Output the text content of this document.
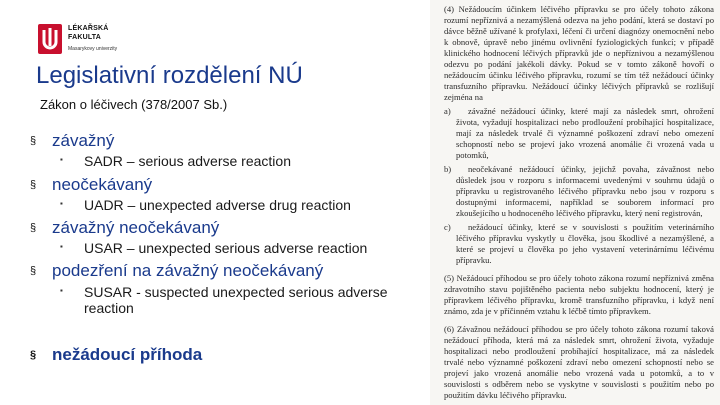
LÉKAŘSKÁ
FAKULTA
Masarykovy univerzity
Legislativní rozdělení NÚ
Zákon o léčivech (378/2007 Sb.)
§ závažný
▪ SADR – serious adverse reaction
§ neočekávaný
▪ UADR – unexpected adverse drug reaction
§ závažný neočekávaný
▪ USAR – unexpected serious adverse reaction
§ podezření na závažný neočekávaný
▪ SUSAR - suspected unexpected serious adverse reaction
§ nežádoucí příhoda

(4) Nežádoucím účinkem léčivého přípravku se pro účely tohoto zákona rozumí nepříznivá a nezamýšlená odezva na jeho podání, která se dostaví po dávce běžně užívané k profylaxi, léčení či určení diagnózy onemocnění nebo k obnově, úpravě nebo jinému ovlivnění fyziologických funkcí; v případě klinického hodnocení léčivých přípravků jde o nepříznivou a nezamýšlenou odezvu po podání jakékoli dávky. Pokud se v tomto zákoně hovoří o nežádoucím účinku léčivého přípravku, rozumí se tím též nežádoucí účinky transfuzního přípravku. Nežádoucí účinky léčivých přípravků se rozlišují zejména na

a)	závažné nežádoucí účinky, které mají za následek smrt, ohrožení života, vyžadují hospitalizaci nebo prodloužení probíhající hospitalizace, mají za následek trvalé či významné poškození zdraví nebo omezení schopností nebo se projeví jako vrozená anomálie či vrozená vada u potomků,

b)	neočekávané nežádoucí účinky, jejichž povaha, závažnost nebo důsledek jsou v rozporu s informacemi uvedenými v souhrnu údajů o přípravku u registrovaného léčivého přípravku nebo jsou v rozporu s dostupnými informacemi, například se souborem informací pro zkoušejícího u hodnoceného léčivého přípravku, který není registrován,

c)	nežádoucí účinky, které se v souvislosti s použitím veterinárního léčivého přípravku vyskytly u člověka, jsou škodlivé a nezamýšlené, a které se projeví u člověka po jeho vystavení veterinárnímu léčivému přípravku.

(5) Nežádoucí příhodou se pro účely tohoto zákona rozumí nepříznivá změna zdravotního stavu pojištěného pacienta nebo subjektu hodnocení, který je přípravkem léčivého přípravku, kromě transfuzního přípravku, i když není známo, zda je v příčinném vztahu k léčbě tímto přípravkem.

(6) Závažnou nežádoucí příhodou se pro účely tohoto zákona rozumí taková nežádoucí příhoda, která má za následek smrt, ohrožení života, vyžaduje hospitalizaci nebo prodloužení probíhající hospitalizace, má za následek trvalé nebo významné poškození zdraví nebo omezení schopností nebo se projeví jako vrozená anomálie nebo vrozená vada u potomků, a to v souvislosti s odběrem nebo se vyskytne v souvislosti s použitím nebo po použitím dávku léčivého přípravku.
